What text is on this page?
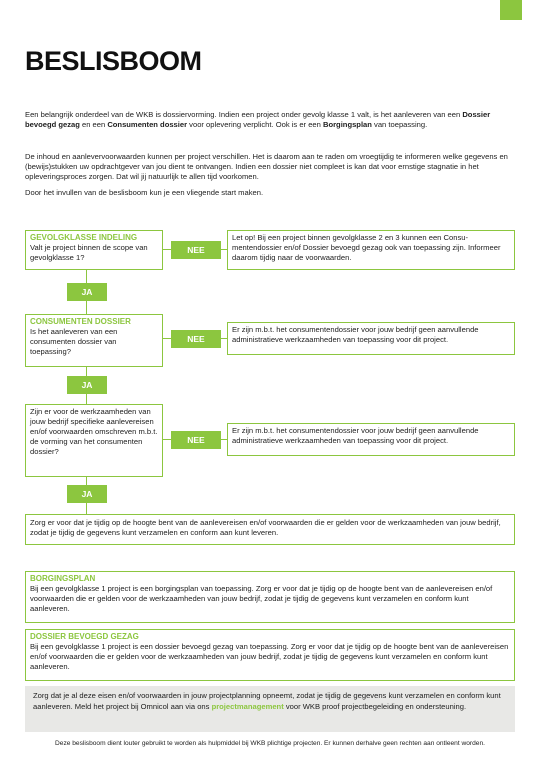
BESLISBOOM

Een belangrijk onderdeel van de WKB is dossiervorming. Indien een project onder gevolg klasse 1 valt, is het aanleveren van een Dossier bevoegd gezag en een Consumenten dossier voor oplevering verplicht. Ook is er een Borgingsplan van toepassing.

De inhoud en aanlevervoorwaarden kunnen per project verschillen. Het is daarom aan te raden om vroegtijdig te informeren welke gegevens en (bewijs)stukken uw opdrachtgever van jou dient te ontvangen. Indien een dossier niet compleet is kan dat voor ernstige stagnatie in het opleveringsproces zorgen. Dat wil jij natuurlijk te allen tijd voorkomen.

Door het invullen van de beslisboom kun je een vliegende start maken.

GEVOLGKLASSE INDELING
Valt je project binnen de scope van gevolgklasse 1?
NEE
Let op! Bij een project binnen gevolgklasse 2 en 3 kunnen een Consumentendossier en/of Dossier bevoegd gezag ook van toepassing zijn. Informeer daarom tijdig naar de voorwaarden.
JA
CONSUMENTEN DOSSIER
Is het aanleveren van een consumenten dossier van toepassing?
NEE
Er zijn m.b.t. het consumentendossier voor jouw bedrijf geen aanvullende administratieve werkzaamheden van toepassing voor dit project.
JA
Zijn er voor de werkzaamheden van jouw bedrijf specifieke aanlevereisen en/of voorwaarden omschreven m.b.t. de vorming van het consumenten dossier?
NEE
Er zijn m.b.t. het consumentendossier voor jouw bedrijf geen aanvullende administratieve werkzaamheden van toepassing voor dit project.
JA
Zorg er voor dat je tijdig op de hoogte bent van de aanlevereisen en/of voorwaarden die er gelden voor de werkzaamheden van jouw bedrijf, zodat je tijdig de gegevens kunt verzamelen en conform aan kunt leveren.
BORGINGSPLAN
Bij een gevolgklasse 1 project is een borgingsplan van toepassing. Zorg er voor dat je tijdig op de hoogte bent van de aanlevereisen en/of voorwaarden die er gelden voor de werkzaamheden van jouw bedrijf, zodat je tijdig de gegevens kunt verzamelen en conform kunt aanleveren.
DOSSIER BEVOEGD GEZAG
Bij een gevolgklasse 1 project is een dossier bevoegd gezag van toepassing. Zorg er voor dat je tijdig op de hoogte bent van de aanlevereisen en/of voorwaarden die er gelden voor de werkzaamheden van jouw bedrijf, zodat je tijdig de gegevens kunt verzamelen en conform kunt aanleveren.
Zorg dat je al deze eisen en/of voorwaarden in jouw projectplanning opneemt, zodat je tijdig de gegevens kunt verzamelen en conform kunt aanleveren. Meld het project bij Omnicol aan via ons projectmanagement voor WKB proof projectbegeleiding en ondersteuning.
Deze beslisboom dient louter gebruikt te worden als hulpmiddel bij WKB plichtige projecten. Er kunnen derhalve geen rechten aan ontleent worden.
